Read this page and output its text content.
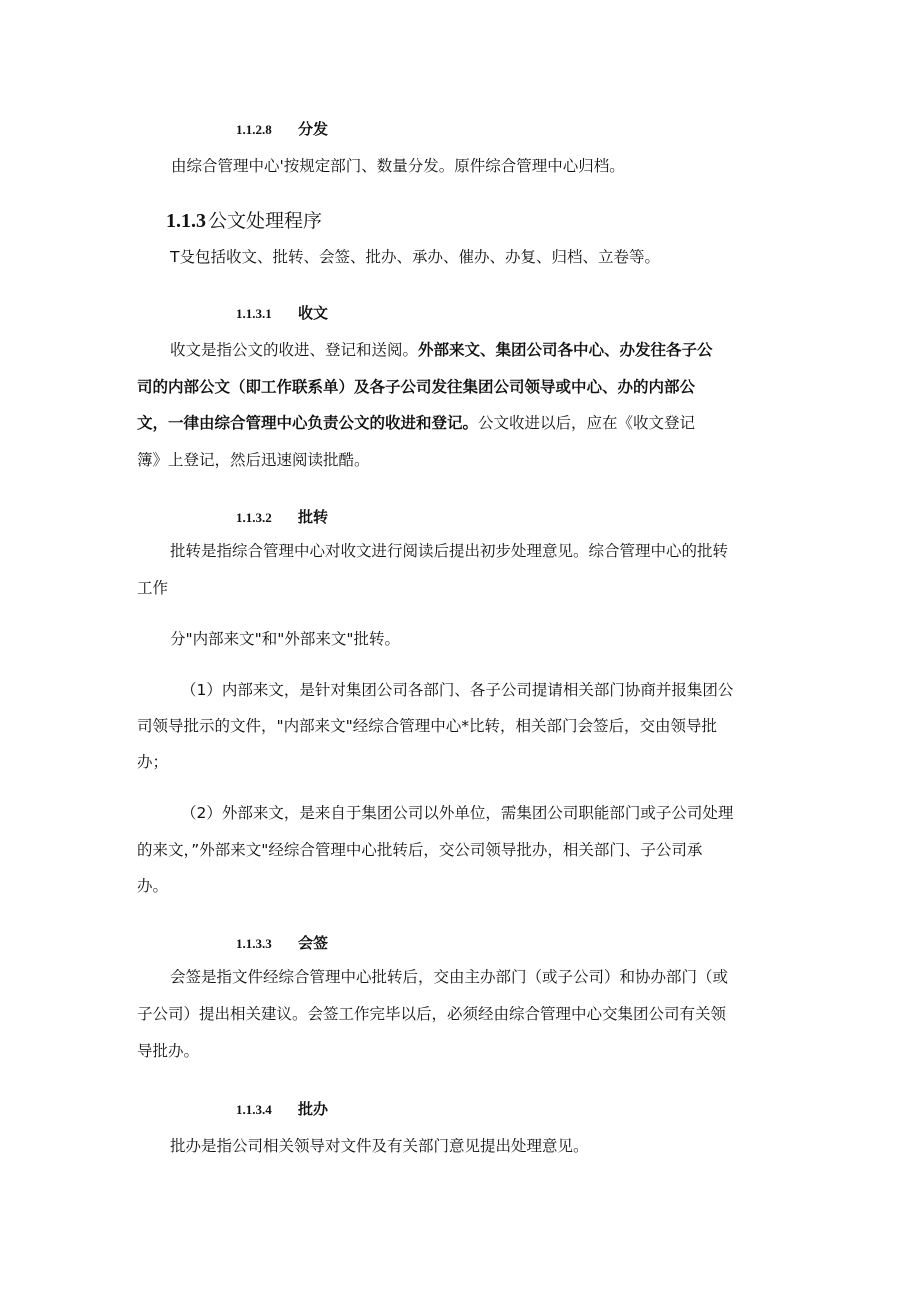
1.1.2.8 分发
由综合管理中心'按规定部门、数量分发。原件综合管理中心归档。
1.1.3 公文处理程序
T殳包括收文、批转、会签、批办、承办、催办、办复、归档、立卷等。
1.1.3.1 收文
收文是指公文的收进、登记和送阅。外部来文、集团公司各中心、办发往各子公
司的内部公文（即工作联系单）及各子公司发往集团公司领导或中心、办的内部公
文，一律由综合管理中心负责公文的收进和登记。公文收进以后，应在《收文登记
簿》上登记，然后迅速阅读批酷。
1.1.3.2 批转
批转是指综合管理中心对收文进行阅读后提出初步处理意见。综合管理中心的批转
工作
分"内部来文"和"外部来文"批转。
（1）内部来文，是针对集团公司各部门、各子公司提请相关部门协商并报集团公
司领导批示的文件，"内部来文"经综合管理中心*比转，相关部门会签后，交由领导批
办；
（2）外部来文，是来自于集团公司以外单位，需集团公司职能部门或子公司处理
的来文，”外部来文"经综合管理中心批转后，交公司领导批办，相关部门、子公司承
办。
1.1.3.3 会签
会签是指文件经综合管理中心批转后，交由主办部门（或子公司）和协办部门（或
子公司）提出相关建议。会签工作完毕以后，必须经由综合管理中心交集团公司有关领
导批办。
1.1.3.4 批办
批办是指公司相关领导对文件及有关部门意见提出处理意见。
